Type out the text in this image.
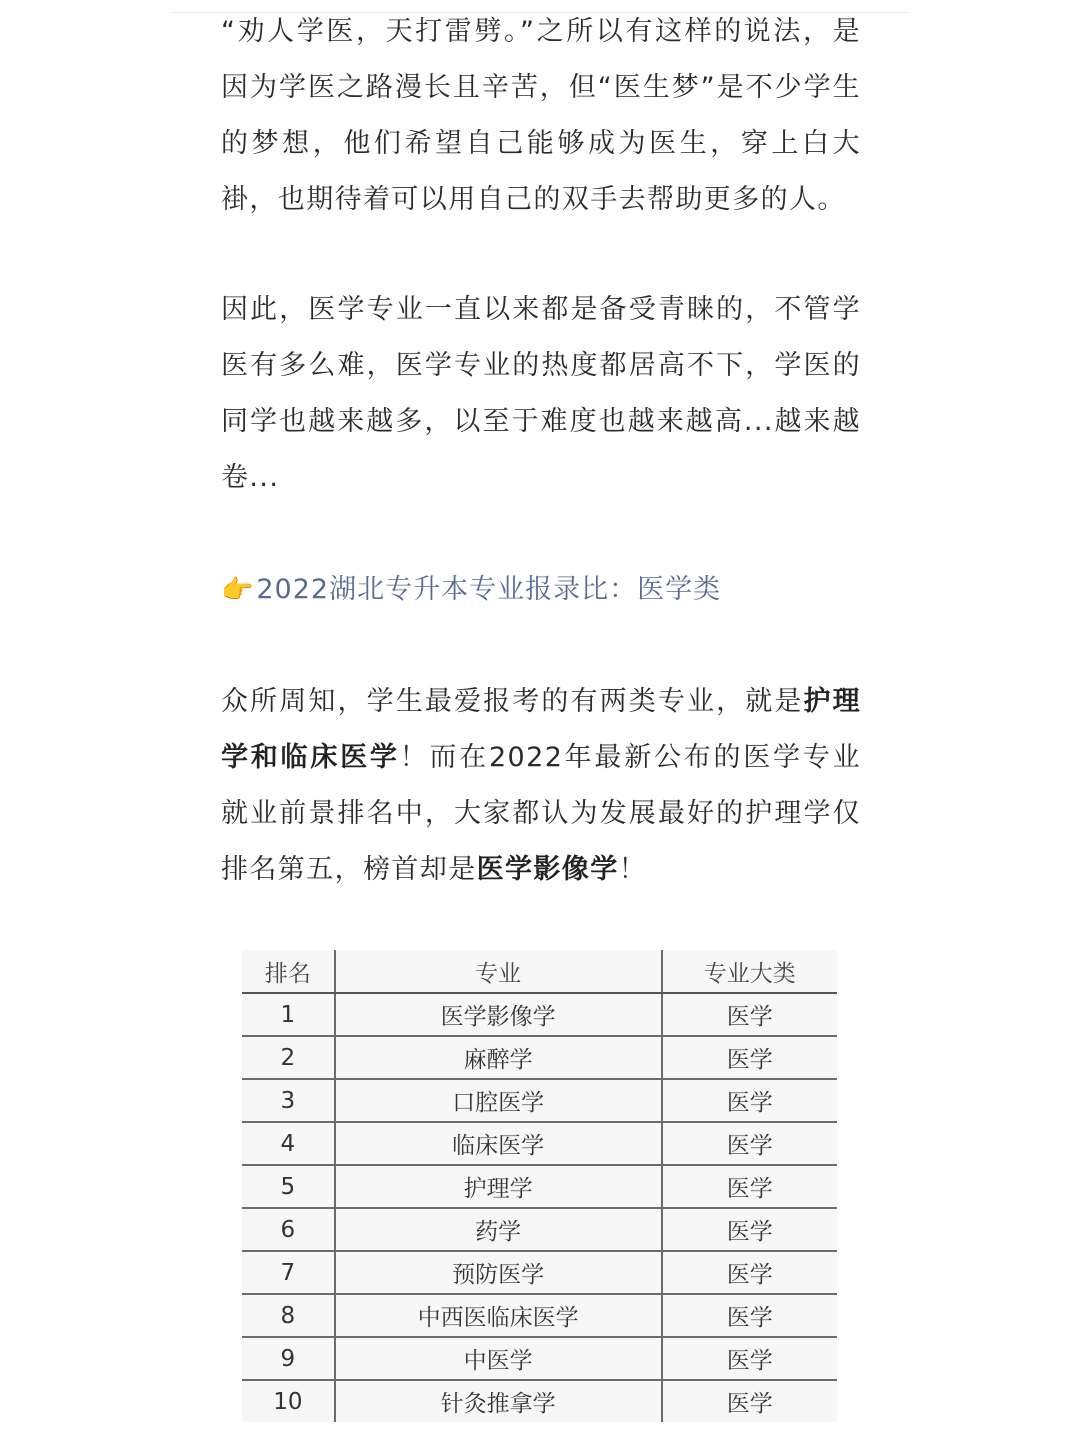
“劝人学医，天打雷劈。”之所以有这样的说法，是因为学医之路漫长且辛苦，但“医生梦”是不少学生的梦想，他们希望自己能够成为医生，穿上白大褂，也期待着可以用自己的双手去帮助更多的人。

因此，医学专业一直以来都是备受青睐的，不管学医有多么难，医学专业的热度都居高不下，学医的同学也越来越多，以至于难度也越来越高...越来越卷...

👉2022湖北专升本专业报录比：医学类

众所周知，学生最爱报考的有两类专业，就是护理学和临床医学！而在2022年最新公布的医学专业就业前景排名中，大家都认为发展最好的护理学仅排名第五，榜首却是医学影像学！

排名	专业	专业大类
1	医学影像学	医学
2	麻醉学	医学
3	口腔医学	医学
4	临床医学	医学
5	护理学	医学
6	药学	医学
7	预防医学	医学
8	中西医临床医学	医学
9	中医学	医学
10	针灸推拿学	医学
